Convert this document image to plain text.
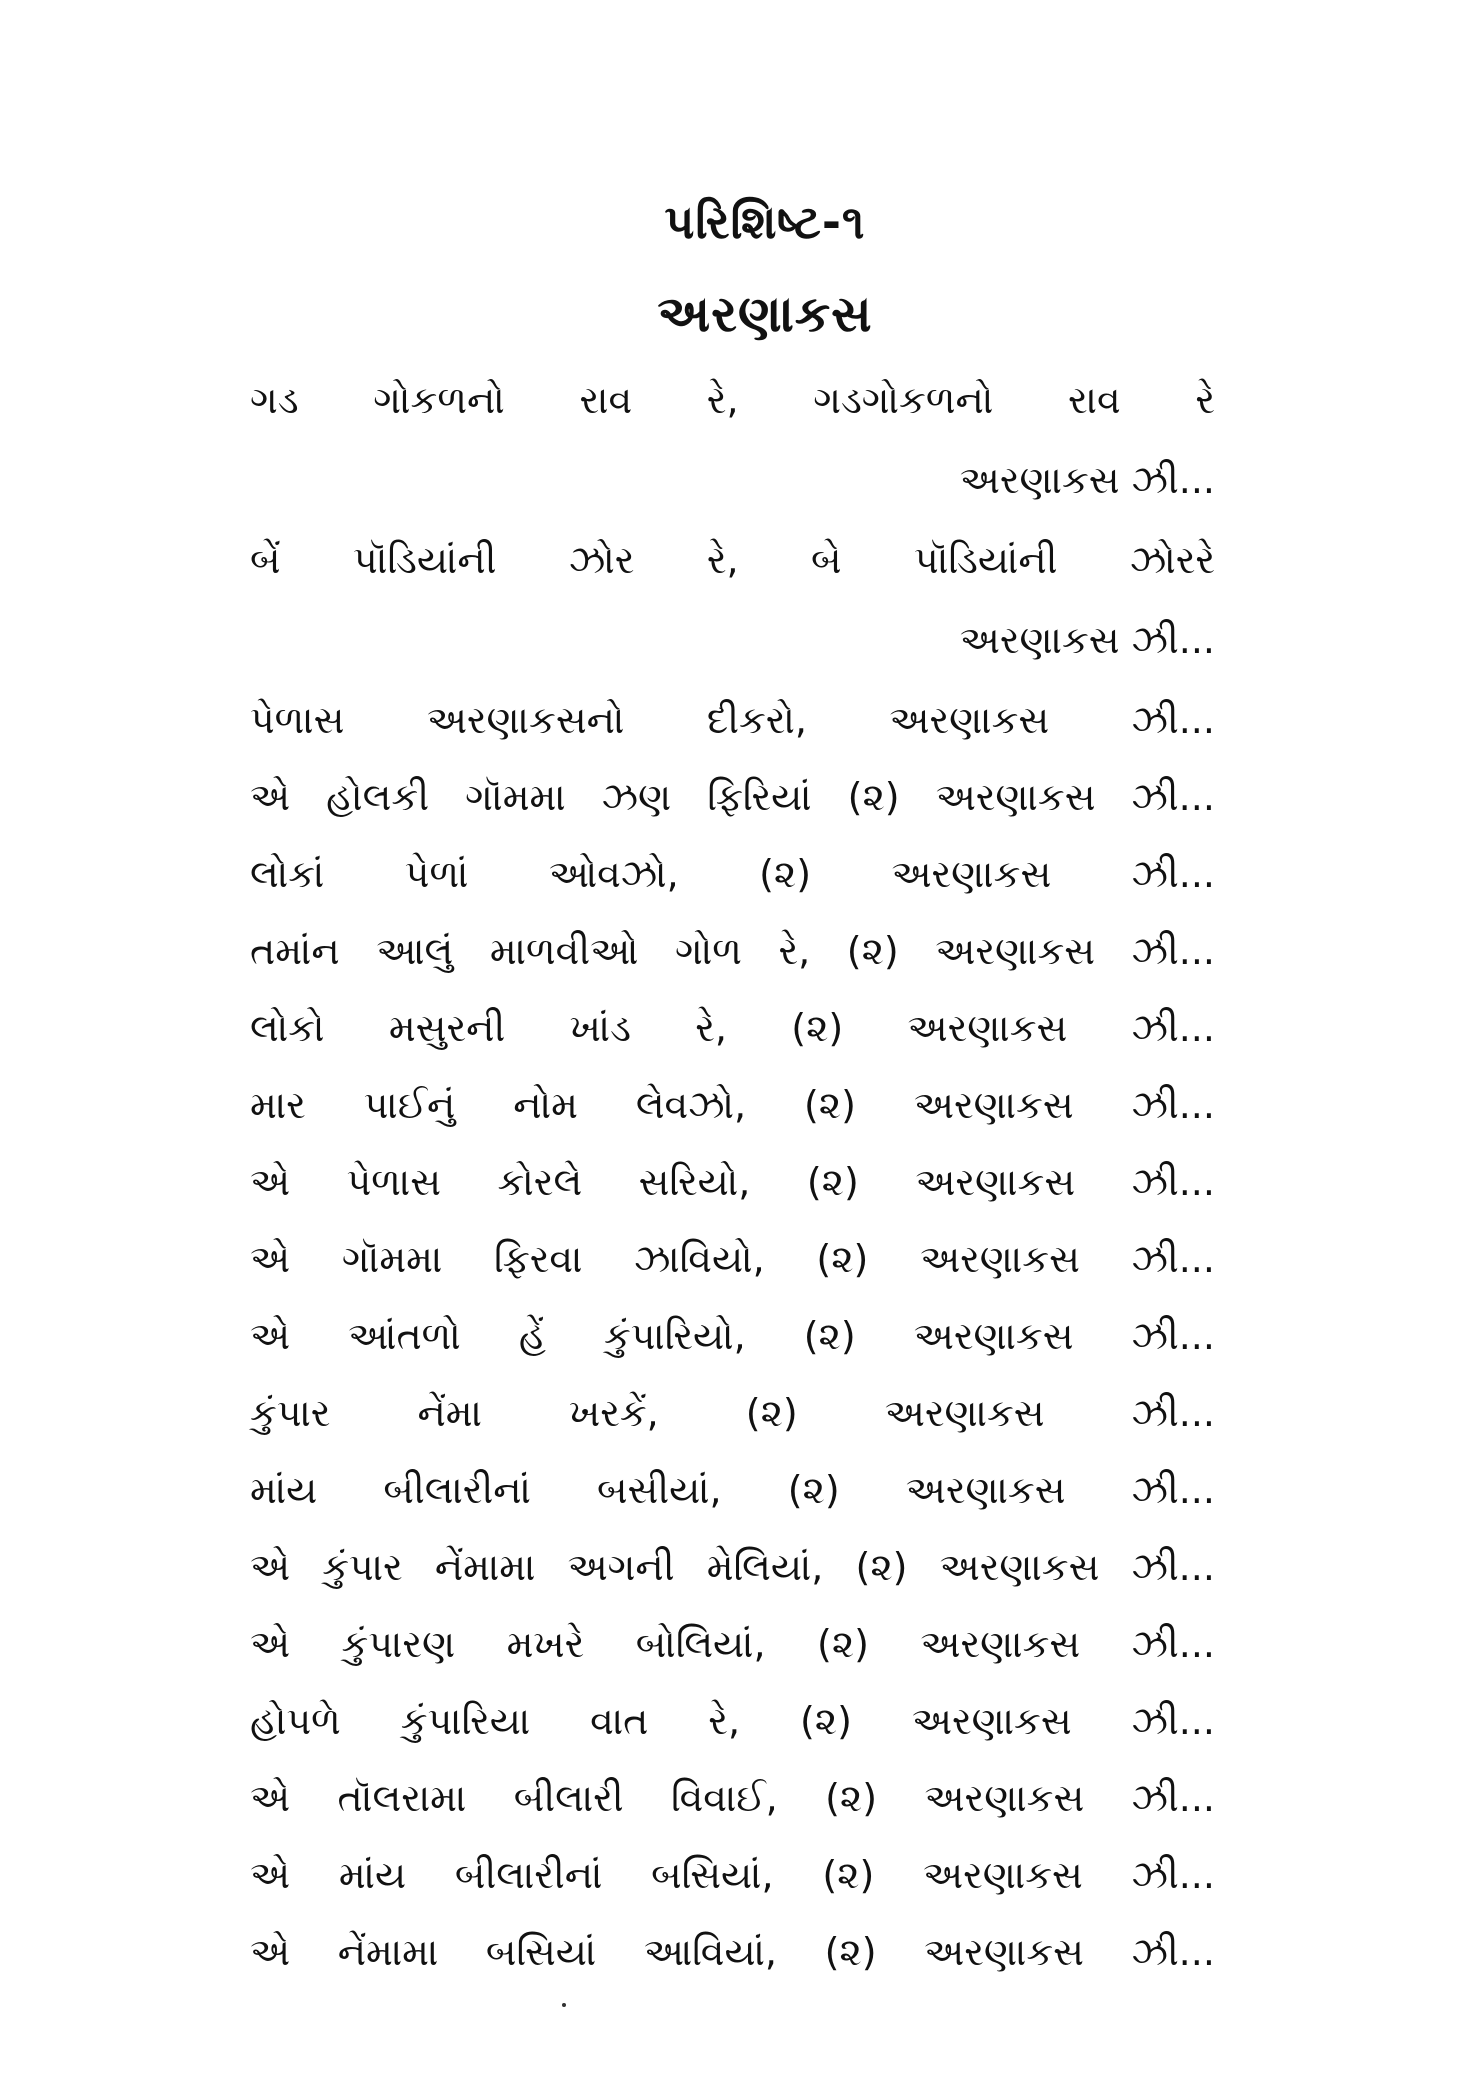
પરિશિષ્ટ-૧
અરણાકસ
ગડ ગોકળનો રાવ રે, ગડગોકળનો રાવ રે
અરણાકસ ઝી...
બેં પૉડિયાંની ઝોર રે, બે પૉડિયાંની ઝોરરે
અરણાકસ ઝી...
પેળાસ અરણાકસનો દીકરો, અરણાકસ ઝી...
એ હોલકી ગૉમમા ઝણ ફિરિયાં (૨) અરણાકસ ઝી...
લોકાં પેળાં ઓવઝો, (૨) અરણાકસ ઝી...
તમાંન આલું માળવીઓ ગોળ રે, (૨) અરણાકસ ઝી...
લોકો મસુરની ખાંડ રે, (૨) અરણાકસ ઝી...
માર પાઈનું નોમ લેવઝો, (૨) અરણાકસ ઝી...
એ પેળાસ કોરલે સરિયો, (૨) અરણાકસ ઝી...
એ ગૉમમા ફિરવા ઝાવિયો, (૨) અરણાકસ ઝી...
એ આંતળો હેં કુંપારિયો, (૨) અરણાકસ ઝી...
કુંપાર નેંમા ખરકેં, (૨) અરણાકસ ઝી...
માંય બીલારીનાં બસીયાં, (૨) અરણાકસ ઝી...
એ કુંપાર નેંમામા અગની મેલિયાં, (૨) અરણાકસ ઝી...
એ કુંપારણ મખરે બોલિયાં, (૨) અરણાકસ ઝી...
હોપળે કુંપારિયા વાત રે, (૨) અરણાકસ ઝી...
એ તૉલરામા બીલારી વિવાઈ, (૨) અરણાકસ ઝી...
એ માંય બીલારીનાં બસિયાં, (૨) અરણાકસ ઝી...
એ નેંમામા બસિયાં આવિયાં, (૨) અરણાકસ ઝી...
